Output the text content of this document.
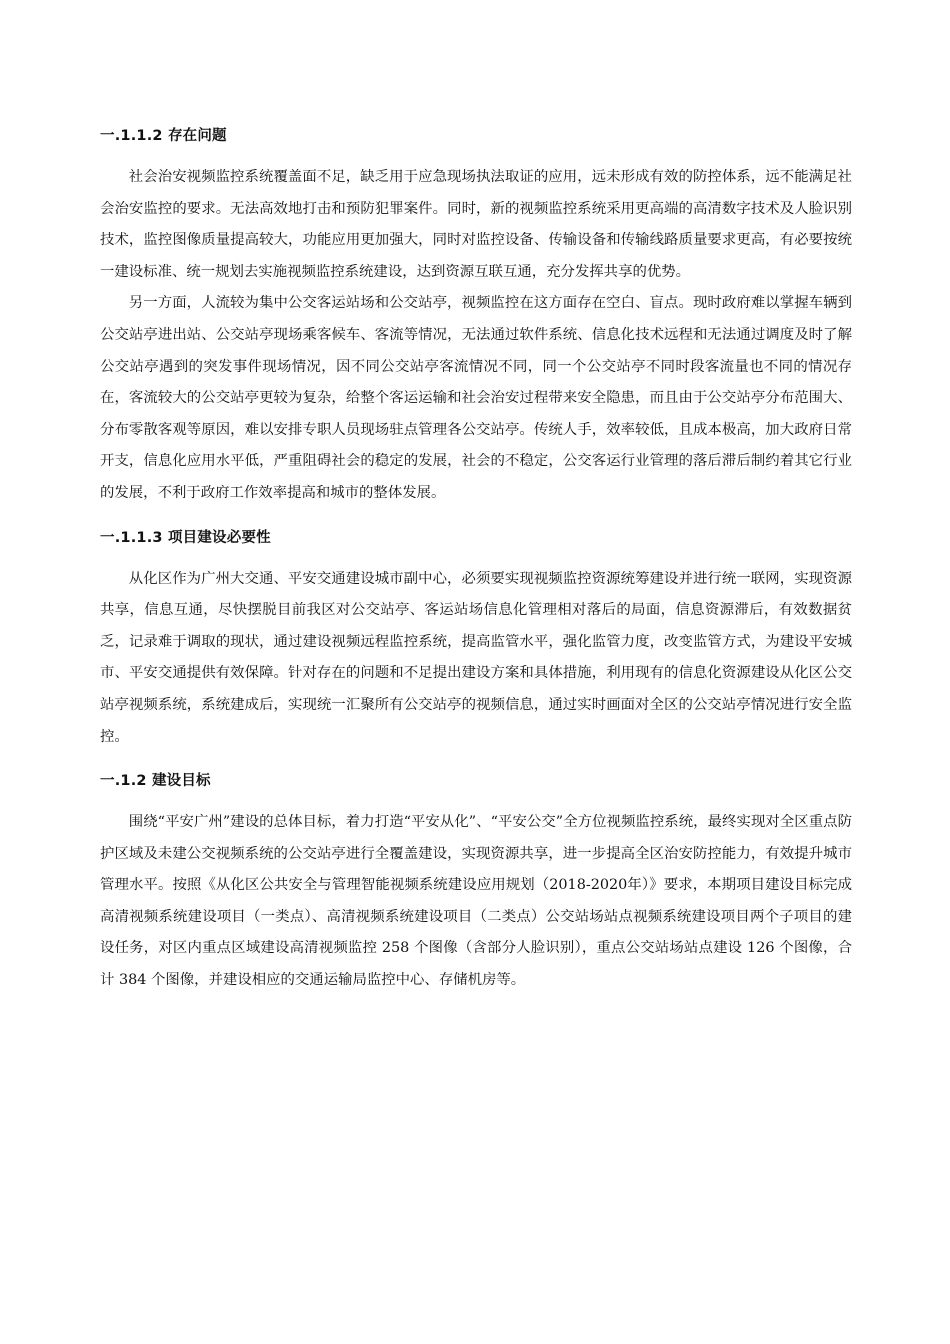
一.1.1.2 存在问题

社会治安视频监控系统覆盖面不足，缺乏用于应急现场执法取证的应用，远未形成有效的防控体系，远不能满足社会治安监控的要求。无法高效地打击和预防犯罪案件。同时，新的视频监控系统采用更高端的高清数字技术及人脸识别技术，监控图像质量提高较大，功能应用更加强大，同时对监控设备、传输设备和传输线路质量要求更高，有必要按统一建设标准、统一规划去实施视频监控系统建设，达到资源互联互通，充分发挥共享的优势。

另一方面，人流较为集中公交客运站场和公交站亭，视频监控在这方面存在空白、盲点。现时政府难以掌握车辆到公交站亭进出站、公交站亭现场乘客候车、客流等情况，无法通过软件系统、信息化技术远程和无法通过调度及时了解公交站亭遇到的突发事件现场情况，因不同公交站亭客流情况不同，同一个公交站亭不同时段客流量也不同的情况存在，客流较大的公交站亭更较为复杂，给整个客运运输和社会治安过程带来安全隐患，而且由于公交站亭分布范围大、分布零散客观等原因，难以安排专职人员现场驻点管理各公交站亭。传统人手，效率较低，且成本极高，加大政府日常开支，信息化应用水平低，严重阻碍社会的稳定的发展，社会的不稳定，公交客运行业管理的落后滞后制约着其它行业的发展，不利于政府工作效率提高和城市的整体发展。

一.1.1.3 项目建设必要性

从化区作为广州大交通、平安交通建设城市副中心，必须要实现视频监控资源统筹建设并进行统一联网，实现资源共享，信息互通，尽快摆脱目前我区对公交站亭、客运站场信息化管理相对落后的局面，信息资源滞后，有效数据贫乏，记录难于调取的现状，通过建设视频远程监控系统，提高监管水平，强化监管力度，改变监管方式，为建设平安城市、平安交通提供有效保障。针对存在的问题和不足提出建设方案和具体措施，利用现有的信息化资源建设从化区公交站亭视频系统，系统建成后，实现统一汇聚所有公交站亭的视频信息，通过实时画面对全区的公交站亭情况进行安全监控。

一.1.2 建设目标

围绕“平安广州”建设的总体目标，着力打造“平安从化”、“平安公交”全方位视频监控系统，最终实现对全区重点防护区域及未建公交视频系统的公交站亭进行全覆盖建设，实现资源共享，进一步提高全区治安防控能力，有效提升城市管理水平。按照《从化区公共安全与管理智能视频系统建设应用规划（2018-2020年）》要求，本期项目建设目标完成高清视频系统建设项目（一类点）、高清视频系统建设项目（二类点）公交站场站点视频系统建设项目两个子项目的建设任务，对区内重点区域建设高清视频监控 258 个图像（含部分人脸识别），重点公交站场站点建设 126 个图像，合计 384 个图像，并建设相应的交通运输局监控中心、存储机房等。
